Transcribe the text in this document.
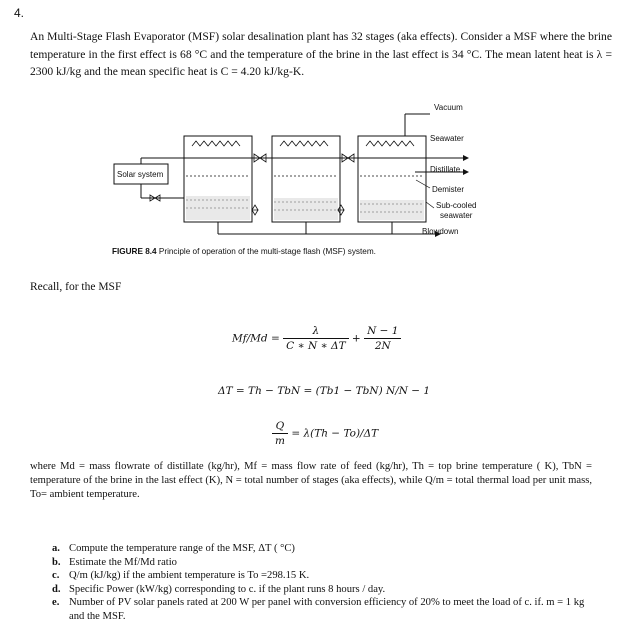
4.
An Multi-Stage Flash Evaporator (MSF) solar desalination plant has 32 stages (aka effects). Consider a MSF where the brine temperature in the first effect is 68 °C and the temperature of the brine in the last effect is 34 °C. The mean latent heat is λ = 2300 kJ/kg and the mean specific heat is C = 4.20 kJ/kg-K.
Vacuum
Seawater
Distillate
Demister
Sub-cooled
seawater
Blowdown
Solar system
FIGURE 8.4 Principle of operation of the multi-stage flash (MSF) system.
Recall, for the MSF
$Mf/Md = \frac{\lambda}{C ∗ N ∗ \Delta T} + \frac{N - 1}{2N}$
ΔT = Th − TbN = (Tb1 − TbN) N/N − 1
$\frac{Q}{m} = \lambda(Th - To)/\Delta T$
where Md = mass flowrate of distillate (kg/hr), Mf = mass flow rate of feed (kg/hr), Th = top brine temperature ( K), TbN = temperature of the brine in the last effect (K), N = total number of stages (aka effects), while Q/m = total thermal load per unit mass, To= ambient temperature.
a. Compute the temperature range of the MSF, ΔT ( °C)
b. Estimate the Mf/Md ratio
c. Q/m (kJ/kg) if the ambient temperature is To =298.15 K.
d. Specific Power (kW/kg) corresponding to c. if the plant runs 8 hours / day.
e. Number of PV solar panels rated at 200 W per panel with conversion efficiency of 20% to meet the load of c. if. m = 1 kg and the MSF.
